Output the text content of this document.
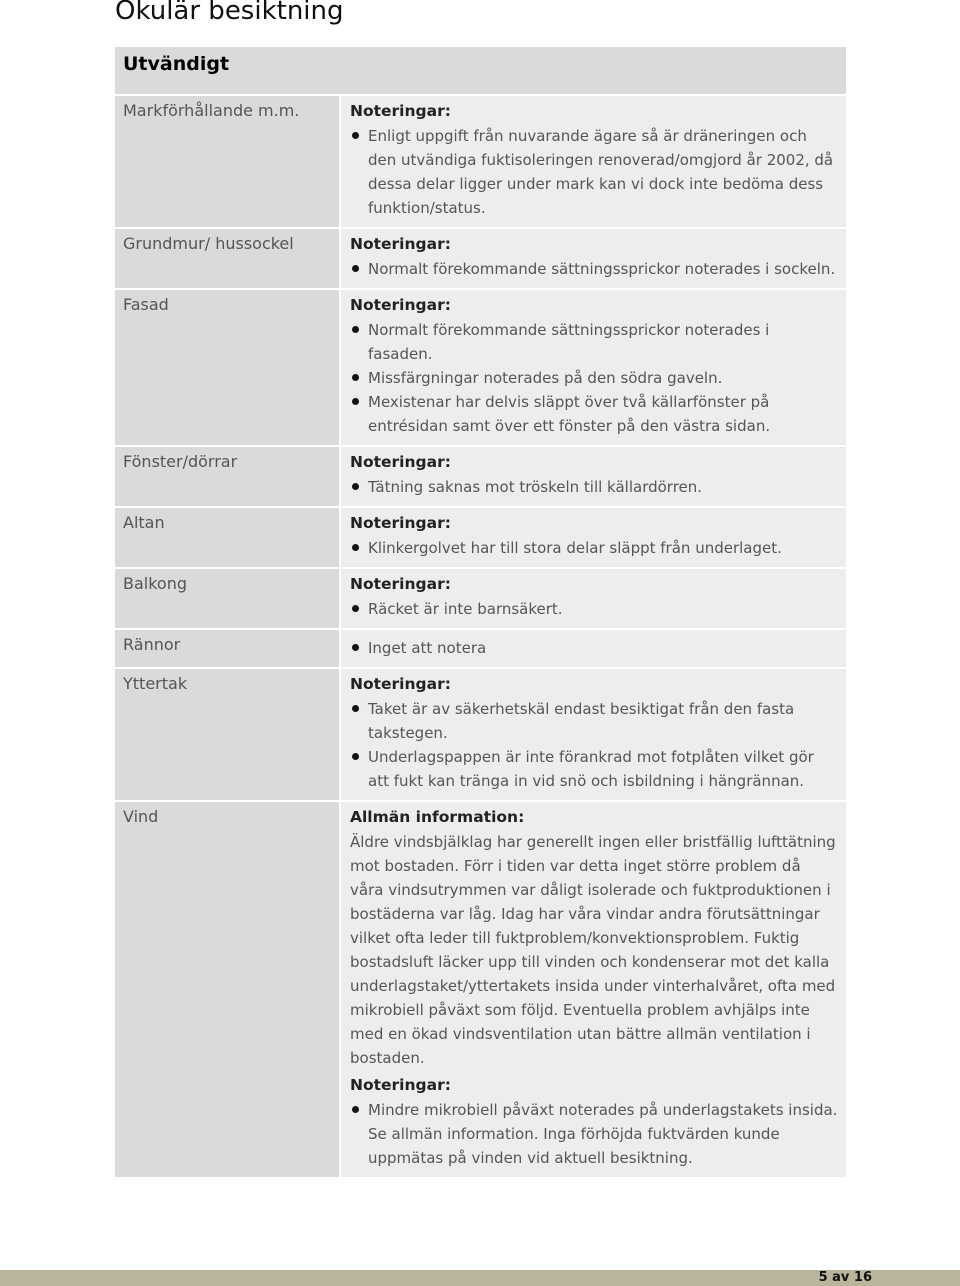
Okulär besiktning
Utvändigt
Markförhållande m.m.	Noteringar:
Enligt uppgift från nuvarande ägare så är dräneringen och den utvändiga fuktisoleringen renoverad/omgjord år 2002, då dessa delar ligger under mark kan vi dock inte bedöma dess funktion/status.
Grundmur/ hussockel	Noteringar:
Normalt förekommande sättningssprickor noterades i sockeln.
Fasad	Noteringar:
Normalt förekommande sättningssprickor noterades i fasaden.
Missfärgningar noterades på den södra gaveln.
Mexistenar har delvis släppt över två källarfönster på entrésidan samt över ett fönster på den västra sidan.
Fönster/dörrar	Noteringar:
Tätning saknas mot tröskeln till källardörren.
Altan	Noteringar:
Klinkergolvet har till stora delar släppt från underlaget.
Balkong	Noteringar:
Räcket är inte barnsäkert.
Rännor	Inget att notera
Yttertak	Noteringar:
Taket är av säkerhetskäl endast besiktigat från den fasta takstegen.
Underlagspappen är inte förankrad mot fotplåten vilket gör att fukt kan tränga in vid snö och isbildning i hängrännan.
Vind	Allmän information:
Äldre vindsbjälklag har generellt ingen eller bristfällig lufttätning mot bostaden. Förr i tiden var detta inget större problem då våra vindsutrymmen var dåligt isolerade och fuktproduktionen i bostäderna var låg. Idag har våra vindar andra förutsättningar vilket ofta leder till fuktproblem/konvektionsproblem. Fuktig bostadsluft läcker upp till vinden och kondenserar mot det kalla underlagstaket/yttertakets insida under vinterhalvåret, ofta med mikrobiell påväxt som följd. Eventuella problem avhjälps inte med en ökad vindsventilation utan bättre allmän ventilation i bostaden.
Noteringar:
Mindre mikrobiell påväxt noterades på underlagstakets insida. Se allmän information. Inga förhöjda fuktvärden kunde uppmätas på vinden vid aktuell besiktning.
5 av 16
